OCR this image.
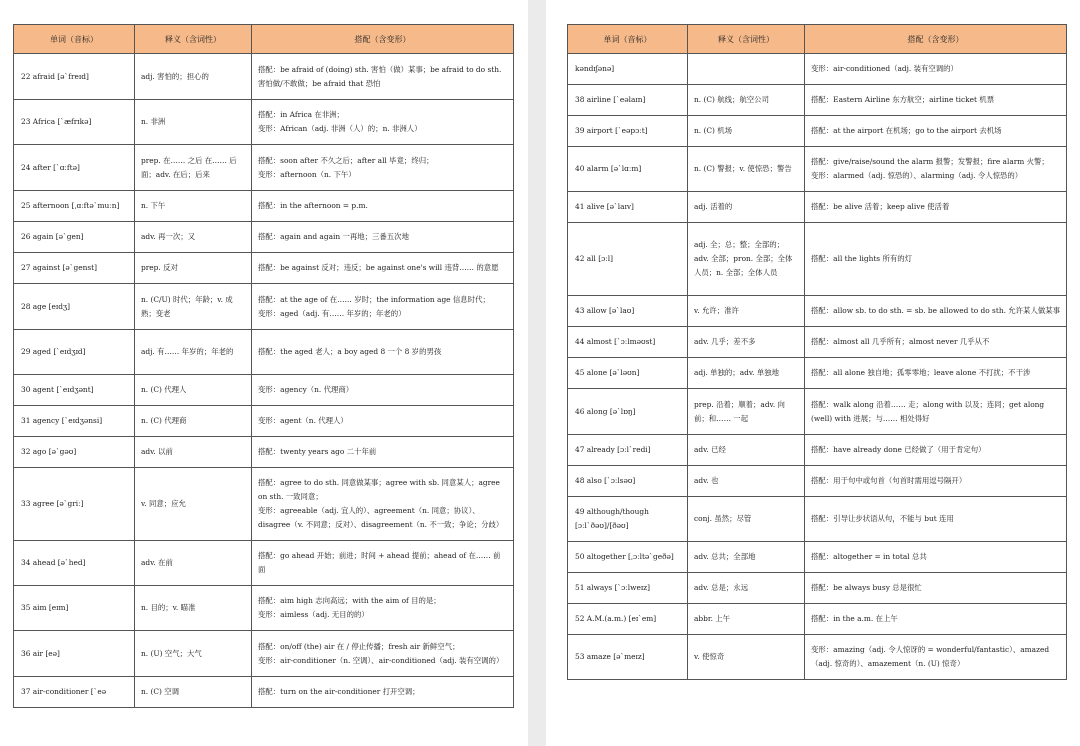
单词（音标）	释义（含词性）	搭配（含变形）
22 afraid [ə`freɪd]	adj. 害怕的；担心的	搭配：be afraid of (doing) sth. 害怕（做）某事；be afraid to do sth. 害怕做/不敢做；be afraid that 恐怕
23 Africa [`æfrɪkə]	n. 非洲	搭配：in Africa 在非洲；
变形：African（adj. 非洲（人）的；n. 非洲人）
24 after [`ɑːftə]	prep. 在…… 之后 在…… 后面；adv. 在后；后来	搭配：soon after 不久之后；after all 毕竟；终归；
变形：afternoon（n. 下午）
25 afternoon [ˌɑːftə`muːn]	n. 下午	搭配：in the afternoon = p.m.
26 again [ə`gen]	adv. 再一次；又	搭配：again and again 一再地；三番五次地
27 against [ə`genst]	prep. 反对	搭配：be against 反对；违反；be against one's will 违背…… 的意愿
28 age [eɪdʒ]	n. (C/U) 时代；年龄；v. 成熟；变老	搭配：at the age of 在…… 岁时；the information age 信息时代；
变形：aged（adj. 有…… 年岁的；年老的）
29 aged [`eɪdʒɪd]	adj. 有…… 年岁的；年老的	搭配：the aged 老人；a boy aged 8 一个 8 岁的男孩
30 agent [`eɪdʒənt]	n. (C) 代理人	变形：agency（n. 代理商）
31 agency [`eɪdʒənsi]	n. (C) 代理商	变形：agent（n. 代理人）
32 ago [ə`gəʊ]	adv. 以前	搭配：twenty years ago 二十年前
33 agree [ə`griː]	v. 同意；应允	搭配：agree to do sth. 同意做某事；agree with sb. 同意某人；agree on sth. 一致同意；
变形：agreeable（adj. 宜人的）、agreement（n. 同意；协议）、disagree（v. 不同意；反对）、disagreement（n. 不一致；争论；分歧）
34 ahead [ə`hed]	adv. 在前	搭配：go ahead 开始；前进；时间 + ahead 提前；ahead of 在…… 前面
35 aim [eɪm]	n. 目的；v. 瞄准	搭配：aim high 志向高远；with the aim of 目的是；
变形：aimless（adj. 无目的的）
36 air [eə]	n. (U) 空气；大气	搭配：on/off (the) air 在 / 停止传播；fresh air 新鲜空气；
变形：air-conditioner（n. 空调）、air-conditioned（adj. 装有空调的）
37 air-conditioner [`eə	n. (C) 空调	搭配：turn on the air-conditioner 打开空调；
单词（音标）	释义（含词性）	搭配（含变形）
kəndɪʃənə]		变形：air-conditioned（adj. 装有空调的）
38 airline [`eəlaɪn]	n. (C) 航线；航空公司	搭配：Eastern Airline 东方航空；airline ticket 机票
39 airport [`eəpɔːt]	n. (C) 机场	搭配：at the airport 在机场；go to the airport 去机场
40 alarm [ə`lɑːm]	n. (C) 警报；v. 使惊恐；警告	搭配：give/raise/sound the alarm 报警；发警报；fire alarm 火警；
变形：alarmed（adj. 惊恐的）、alarming（adj. 令人惊恐的）
41 alive [ə`laɪv]	adj. 活着的	搭配：be alive 活着；keep alive 使活着
42 all [ɔːl]	adj. 全；总；整；全部的；adv. 全部；pron. 全部；全体人员；n. 全部；全体人员	搭配：all the lights 所有的灯
43 allow [ə`laʊ]	v. 允许；准许	搭配：allow sb. to do sth. = sb. be allowed to do sth. 允许某人做某事
44 almost [`ɔːlməʊst]	adv. 几乎；差不多	搭配：almost all 几乎所有；almost never 几乎从不
45 alone [ə`ləʊn]	adj. 单独的；adv. 单独地	搭配：all alone 独自地；孤零零地；leave alone 不打扰；不干涉
46 along [ə`lɒŋ]	prep. 沿着；顺着；adv. 向前；和…… 一起	搭配：walk along 沿着…… 走；along with 以及；连同；get along (well) with 进展；与…… 相处得好
47 already [ɔːl`redi]	adv. 已经	搭配：have already done 已经做了（用于肯定句）
48 also [`ɔːlsəʊ]	adv. 也	搭配：用于句中或句首（句首时需用逗号隔开）
49 although/though [ɔːl`ðəʊ]/[ðəʊ]	conj. 虽然；尽管	搭配：引导让步状语从句，不能与 but 连用
50 altogether [ˌɔːltə`geðə]	adv. 总共；全部地	搭配：altogether = in total 总共
51 always [`ɔːlweɪz]	adv. 总是；永远	搭配：be always busy 总是很忙
52 A.M.(a.m.) [eɪ`em]	abbr. 上午	搭配：in the a.m. 在上午
53 amaze [ə`meɪz]	v. 使惊奇	变形：amazing（adj. 令人惊讶的 = wonderful/fantastic）、amazed（adj. 惊奇的）、amazement（n. (U) 惊奇）
